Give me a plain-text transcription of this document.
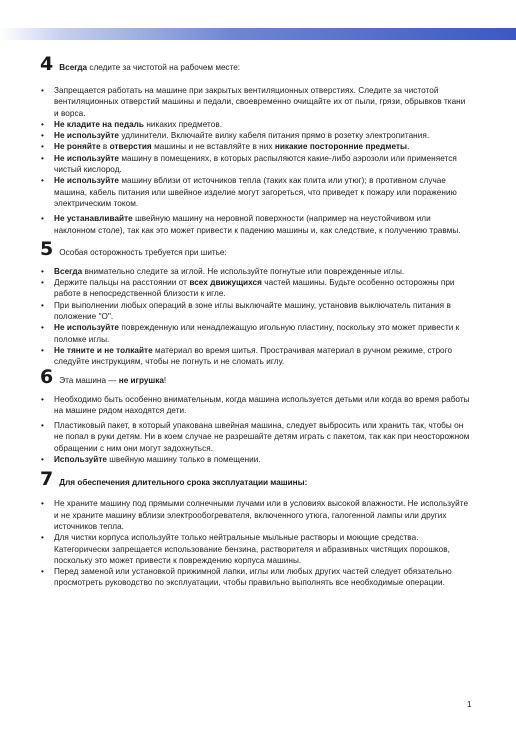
4 Всегда следите за чистотой на рабочем месте:
• Запрещается работать на машине при закрытых вентиляционных отверстиях. Следите за чистотой вентиляционных отверстий машины и педали, своевременно очищайте их от пыли, грязи, обрывков ткани и ворса.
• Не кладите на педаль никаких предметов.
• Не используйте удлинители. Включайте вилку кабеля питания прямо в розетку электропитания.
• Не роняйте в отверстия машины и не вставляйте в них никакие посторонние предметы.
• Не используйте машину в помещениях, в которых распыляются какие-либо аэрозоли или применяется чистый кислород.
• Не используйте машину вблизи от источников тепла (таких как плита или утюг); в противном случае машина, кабель питания или швейное изделие могут загореться, что приведет к пожару или поражению электрическим током.
• Не устанавливайте швейную машину на неровной поверхности (например на неустойчивом или наклонном столе), так как это может привести к падению машины и, как следствие, к получению травмы.
5 Особая осторожность требуется при шитье:
• Всегда внимательно следите за иглой. Не используйте погнутые или поврежденные иглы.
• Держите пальцы на расстоянии от всех движущихся частей машины. Будьте особенно осторожны при работе в непосредственной близости к игле.
• При выполнении любых операций в зоне иглы выключайте машину, установив выключатель питания в положение "O".
• Не используйте поврежденную или ненадлежащую игольную пластину, поскольку это может привести к поломке иглы.
• Не тяните и не толкайте материал во время шитья. Прострачивая материал в ручном режиме, строго следуйте инструкциям, чтобы не погнуть и не сломать иглу.
6 Эта машина — не игрушка!
• Необходимо быть особенно внимательным, когда машина используется детьми или когда во время работы на машине рядом находятся дети.
• Пластиковый пакет, в который упакована швейная машина, следует выбросить или хранить так, чтобы он не попал в руки детям. Ни в коем случае не разрешайте детям играть с пакетом, так как при неосторожном обращении с ним они могут задохнуться.
• Используйте швейную машину только в помещении.
7 Для обеспечения длительного срока эксплуатации машины:
• Не храните машину под прямыми солнечными лучами или в условиях высокой влажности. Не используйте и не храните машину вблизи электрообогревателя, включенного утюга, галогенной лампы или других источников тепла.
• Для чистки корпуса используйте только нейтральные мыльные растворы и моющие средства. Категорически запрещается использование бензина, растворителя и абразивных чистящих порошков, поскольку это может привести к повреждению корпуса машины.
• Перед заменой или установкой прижимной лапки, иглы или любых других частей следует обязательно просмотреть руководство по эксплуатации, чтобы правильно выполнять все необходимые операции.
1
